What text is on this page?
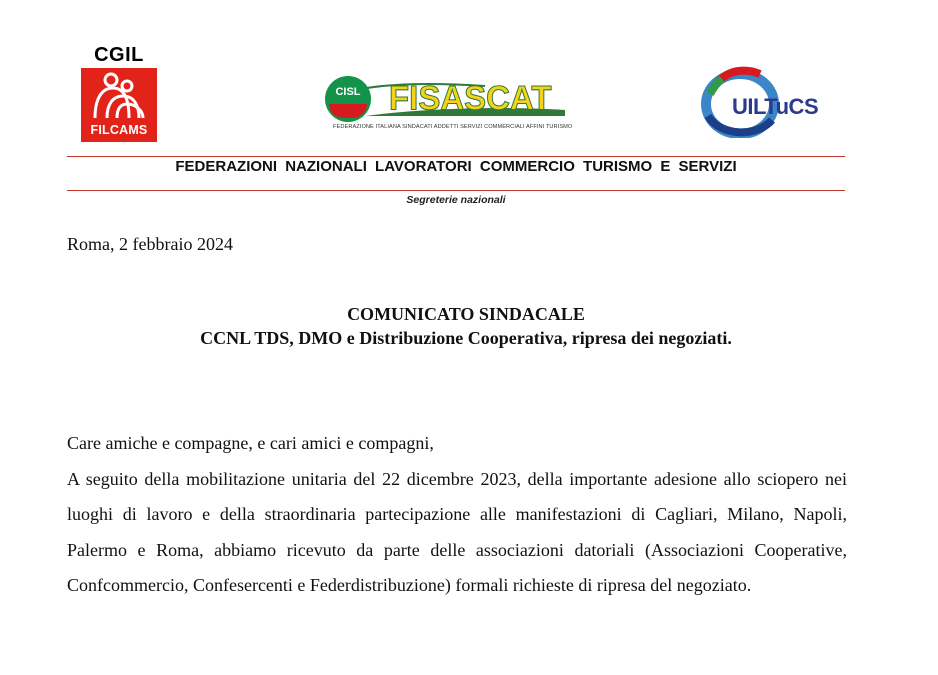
CGIL
FILCAMS
CISL FISASCAT
FEDERAZIONE ITALIANA SINDACATI ADDETTI SERVIZI COMMERCIALI AFFINI TURISMO
UILTuCS
FEDERAZIONI NAZIONALI LAVORATORI COMMERCIO TURISMO E SERVIZI
Segreterie nazionali
Roma, 2 febbraio 2024
COMUNICATO SINDACALE
CCNL TDS, DMO e Distribuzione Cooperativa, ripresa dei negoziati.
Care amiche e compagne, e cari amici e compagni,
A seguito della mobilitazione unitaria del 22 dicembre 2023, della importante adesione allo sciopero nei luoghi di lavoro e della straordinaria partecipazione alle manifestazioni di Cagliari, Milano, Napoli, Palermo e Roma, abbiamo ricevuto da parte delle associazioni datoriali (Associazioni Cooperative, Confcommercio, Confesercenti e Federdistribuzione) formali richieste di ripresa del negoziato.
